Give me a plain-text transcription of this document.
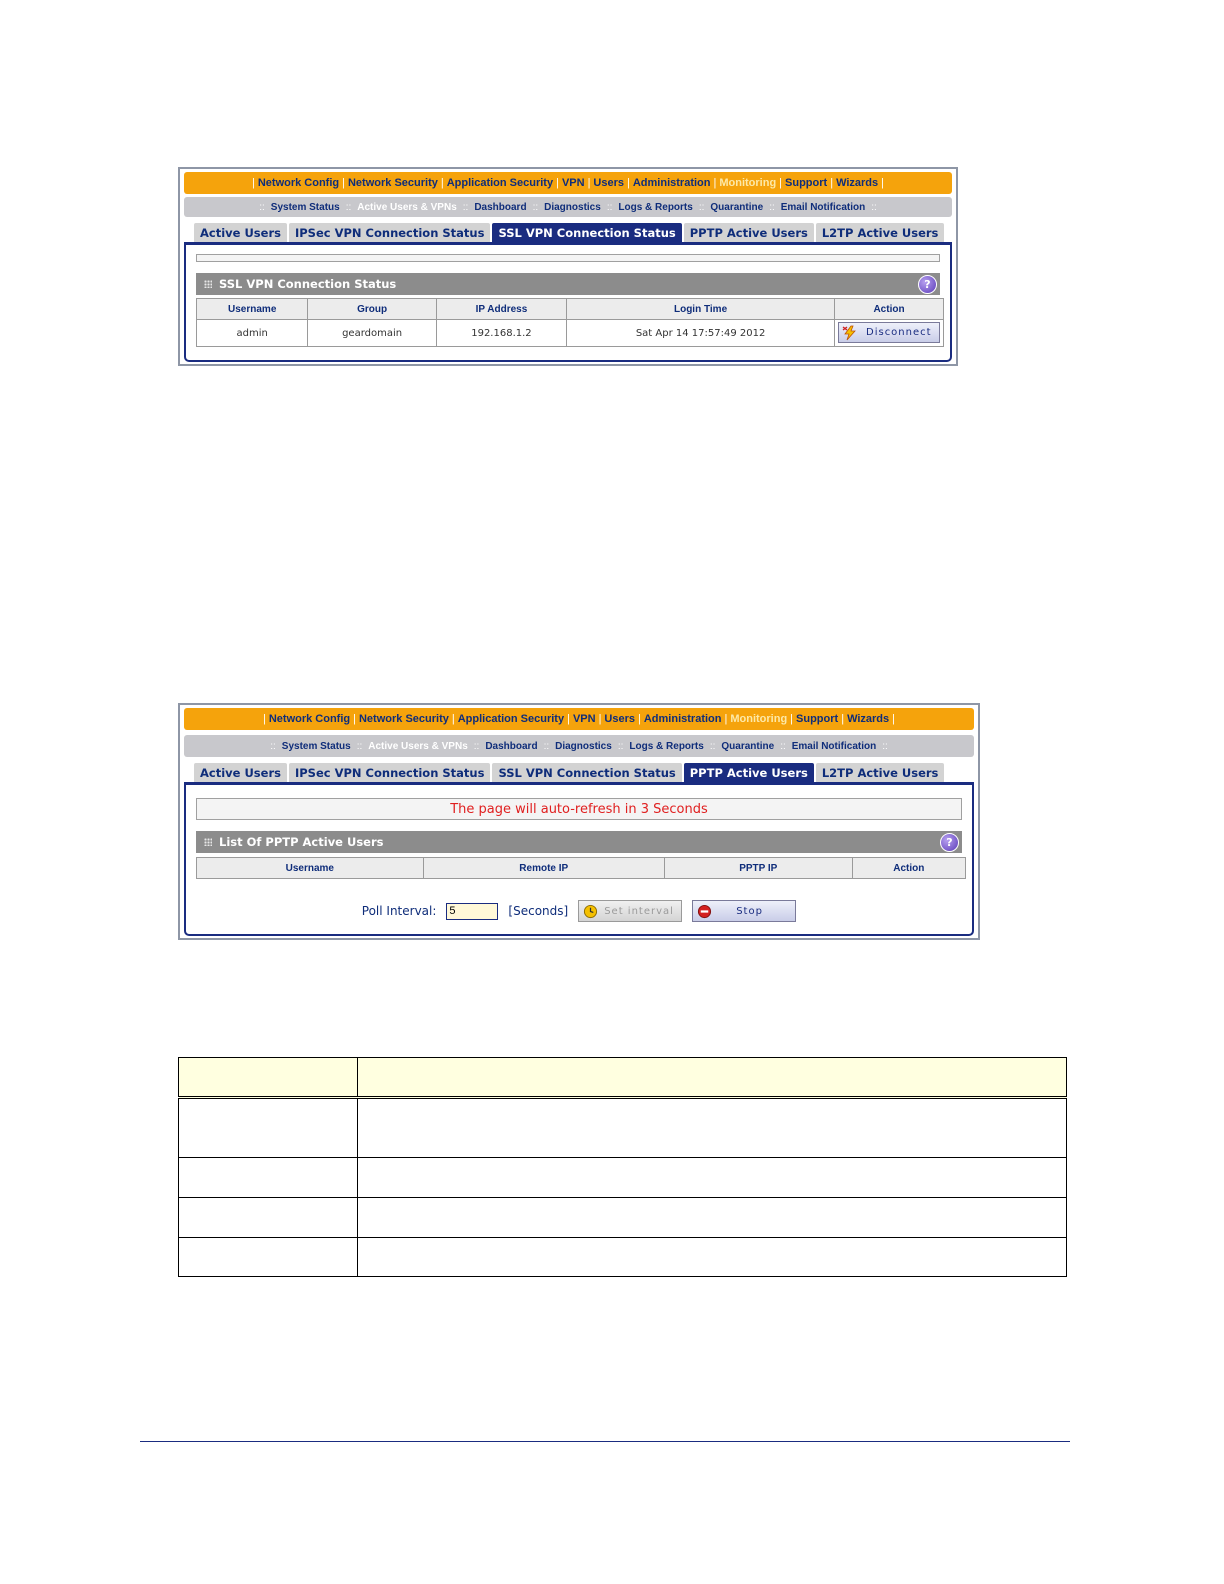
| Network Config | Network Security | Application Security | VPN | Users | Administration | Monitoring | Support | Wizards |
:: System Status :: Active Users & VPNs :: Dashboard :: Diagnostics :: Logs & Reports :: Quarantine :: Email Notification ::
Active Users	IPSec VPN Connection Status	SSL VPN Connection Status	PPTP Active Users	L2TP Active Users
SSL VPN Connection Status	?
Username	Group	IP Address	Login Time	Action
admin	geardomain	192.168.1.2	Sat Apr 14 17:57:49 2012	Disconnect
| Network Config | Network Security | Application Security | VPN | Users | Administration | Monitoring | Support | Wizards |
:: System Status :: Active Users & VPNs :: Dashboard :: Diagnostics :: Logs & Reports :: Quarantine :: Email Notification ::
Active Users	IPSec VPN Connection Status	SSL VPN Connection Status	PPTP Active Users	L2TP Active Users
The page will auto-refresh in 3 Seconds
List Of PPTP Active Users	?
Username	Remote IP	PPTP IP	Action
Poll Interval:
5	[Seconds]	Set interval	Stop
